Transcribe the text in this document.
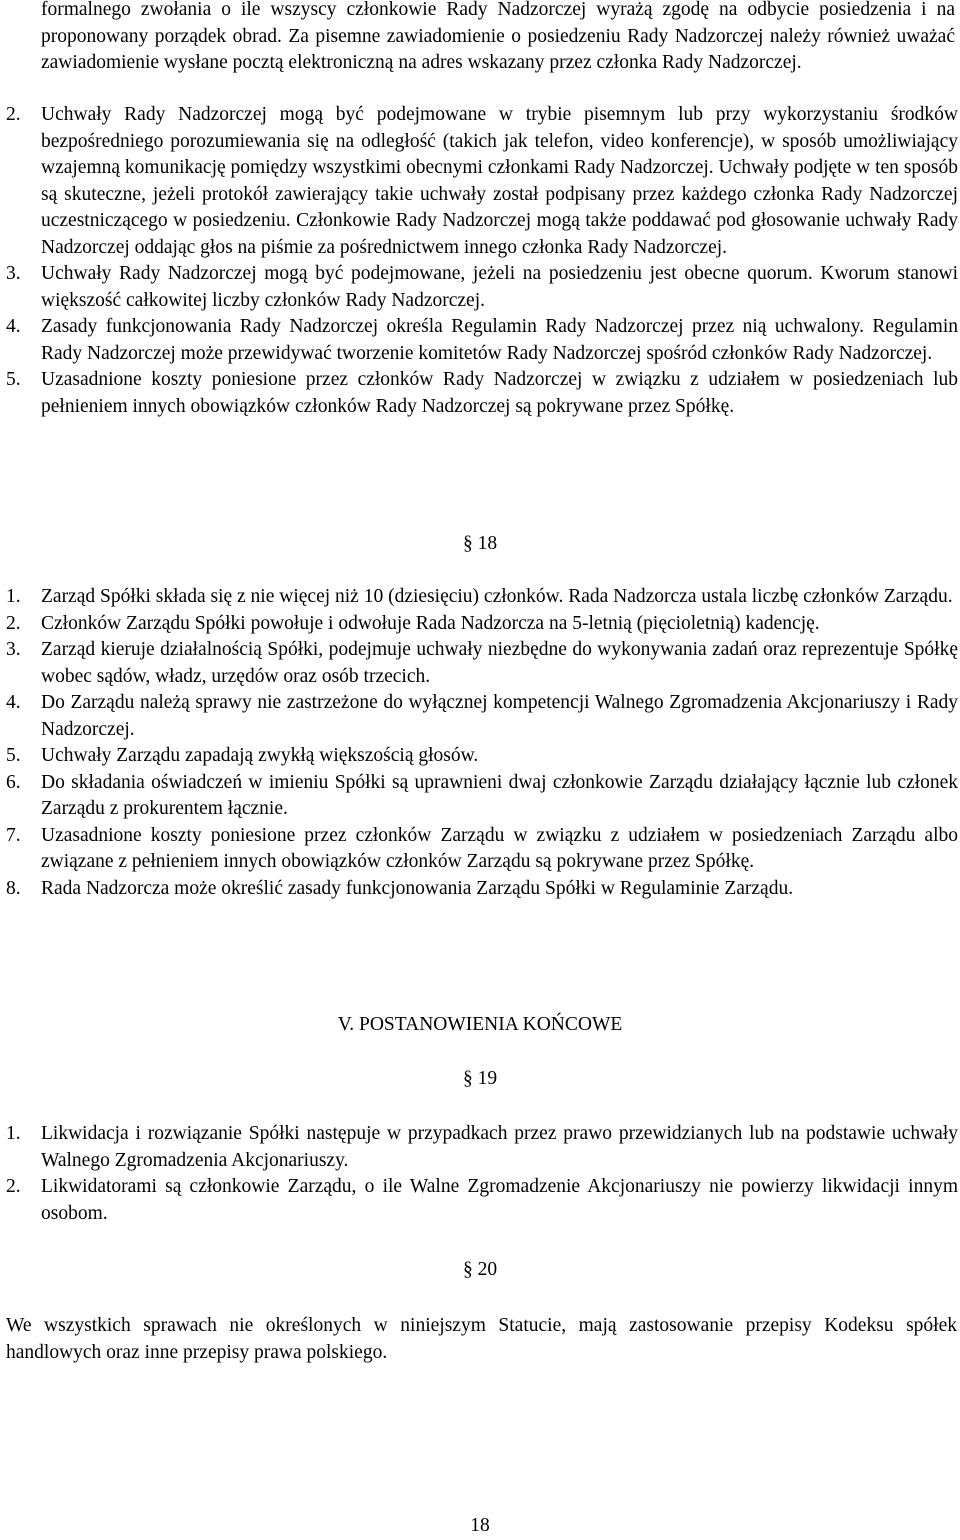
formalnego zwołania o ile wszyscy członkowie Rady Nadzorczej wyrażą zgodę na odbycie posiedzenia i na proponowany porządek obrad. Za pisemne zawiadomienie o posiedzeniu Rady Nadzorczej należy również uważać zawiadomienie wysłane pocztą elektroniczną na adres wskazany przez członka Rady Nadzorczej.

2. Uchwały Rady Nadzorczej mogą być podejmowane w trybie pisemnym lub przy wykorzystaniu środków bezpośredniego porozumiewania się na odległość (takich jak telefon, video konferencje), w sposób umożliwiający wzajemną komunikację pomiędzy wszystkimi obecnymi członkami Rady Nadzorczej. Uchwały podjęte w ten sposób są skuteczne, jeżeli protokół zawierający takie uchwały został podpisany przez każdego członka Rady Nadzorczej uczestniczącego w posiedzeniu. Członkowie Rady Nadzorczej mogą także poddawać pod głosowanie uchwały Rady Nadzorczej oddając głos na piśmie za pośrednictwem innego członka Rady Nadzorczej.

3. Uchwały Rady Nadzorczej mogą być podejmowane, jeżeli na posiedzeniu jest obecne quorum. Kworum stanowi większość całkowitej liczby członków Rady Nadzorczej.

4. Zasady funkcjonowania Rady Nadzorczej określa Regulamin Rady Nadzorczej przez nią uchwalony. Regulamin Rady Nadzorczej może przewidywać tworzenie komitetów Rady Nadzorczej spośród członków Rady Nadzorczej.

5. Uzasadnione koszty poniesione przez członków Rady Nadzorczej w związku z udziałem w posiedzeniach lub pełnieniem innych obowiązków członków Rady Nadzorczej są pokrywane przez Spółkę.

§ 18

1. Zarząd Spółki składa się z nie więcej niż 10 (dziesięciu) członków. Rada Nadzorcza ustala liczbę członków Zarządu.

2. Członków Zarządu Spółki powołuje i odwołuje Rada Nadzorcza na 5-letnią (pięcioletnią) kadencję.

3. Zarząd kieruje działalnością Spółki, podejmuje uchwały niezbędne do wykonywania zadań oraz reprezentuje Spółkę wobec sądów, władz, urzędów oraz osób trzecich.

4. Do Zarządu należą sprawy nie zastrzeżone do wyłącznej kompetencji Walnego Zgromadzenia Akcjonariuszy i Rady Nadzorczej.

5. Uchwały Zarządu zapadają zwykłą większością głosów.

6. Do składania oświadczeń w imieniu Spółki są uprawnieni dwaj członkowie Zarządu działający łącznie lub członek Zarządu z prokurentem łącznie.

7. Uzasadnione koszty poniesione przez członków Zarządu w związku z udziałem w posiedzeniach Zarządu albo związane z pełnieniem innych obowiązków członków Zarządu są pokrywane przez Spółkę.

8. Rada Nadzorcza może określić zasady funkcjonowania Zarządu Spółki w Regulaminie Zarządu.

V. POSTANOWIENIA KOŃCOWE

§ 19

1. Likwidacja i rozwiązanie Spółki następuje w przypadkach przez prawo przewidzianych lub na podstawie uchwały Walnego Zgromadzenia Akcjonariuszy.

2. Likwidatorami są członkowie Zarządu, o ile Walne Zgromadzenie Akcjonariuszy nie powierzy likwidacji innym osobom.

§ 20

We wszystkich sprawach nie określonych w niniejszym Statucie, mają zastosowanie przepisy Kodeksu spółek handlowych oraz inne przepisy prawa polskiego.

18
